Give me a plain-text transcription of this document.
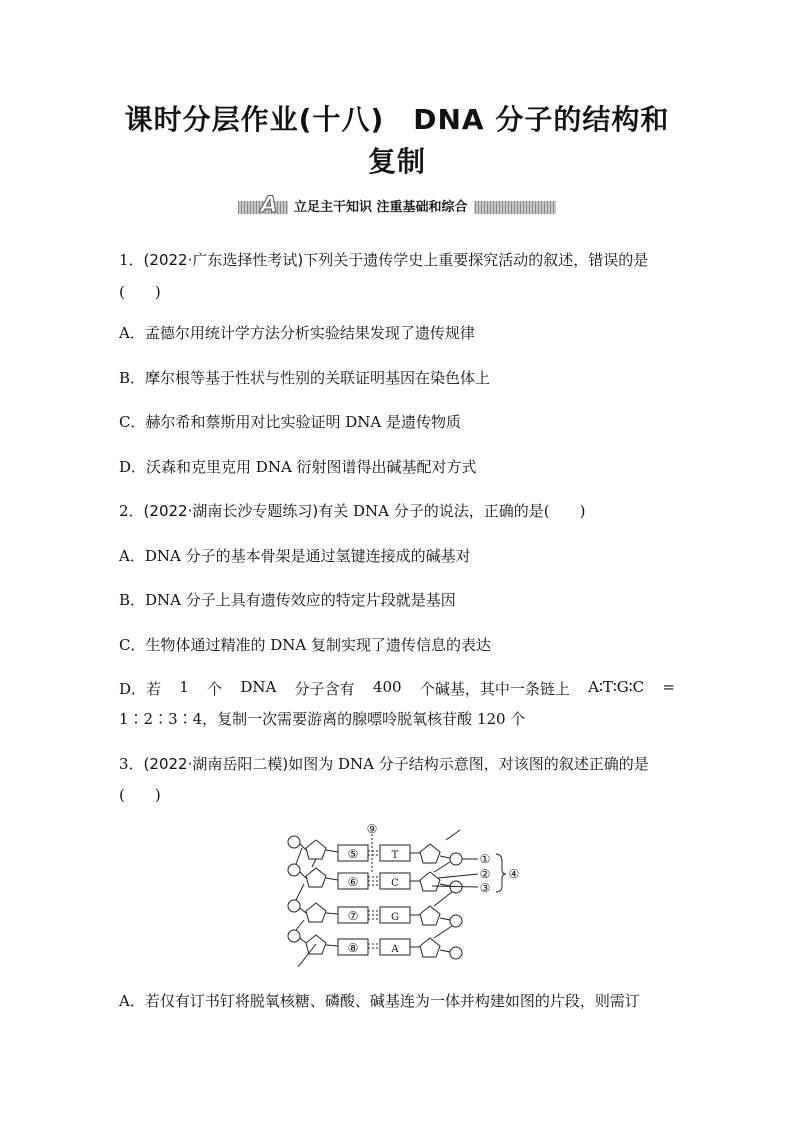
课时分层作业(十八)　DNA 分子的结构和
复制
A	立足主干知识 注重基础和综合
1．(2022·广东选择性考试)下列关于遗传学史上重要探究活动的叙述，错误的是
(　　)
A．孟德尔用统计学方法分析实验结果发现了遗传规律
B．摩尔根等基于性状与性别的关联证明基因在染色体上
C．赫尔希和蔡斯用对比实验证明 DNA 是遗传物质
D．沃森和克里克用 DNA 衍射图谱得出碱基配对方式
2．(2022·湖南长沙专题练习)有关 DNA 分子的说法，正确的是(　　)
A．DNA 分子的基本骨架是通过氢键连接成的碱基对
B．DNA 分子上具有遗传效应的特定片段就是基因
C．生物体通过精准的 DNA 复制实现了遗传信息的表达
D．若 1 个 DNA 分子含有 400 个碱基，其中一条链上 A∶T∶G∶C =
1∶2∶3∶4，复制一次需要游离的腺嘌呤脱氧核苷酸 120 个
3．(2022·湖南岳阳二模)如图为 DNA 分子结构示意图，对该图的叙述正确的是
(　　)
⑤
⑥
⑦
⑧
T
C
G
A
⑨
①
②
③
④
A．若仅有订书钉将脱氧核糖、磷酸、碱基连为一体并构建如图的片段，则需订
